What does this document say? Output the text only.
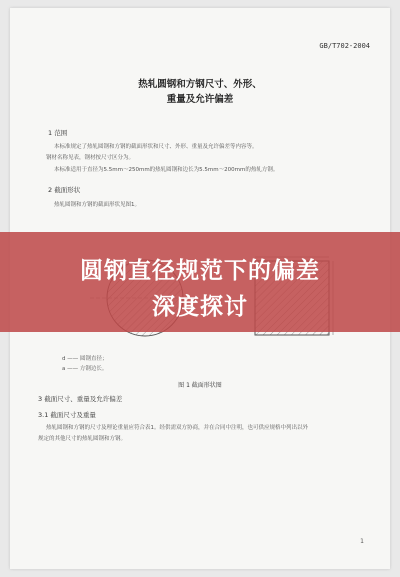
GB/T702-2004
热轧圆钢和方钢尺寸、外形、
重量及允许偏差
1 范围
本标准规定了热轧圆钢和方钢的截面形状和尺寸、外形、重量及允许偏差等内容等。
钢材名称见表，钢材按尺寸区分为。
本标准适用于直径为5.5mm～250mm的热轧圆钢和边长为5.5mm～200mm的热轧方钢。
2 截面形状
热轧圆钢和方钢的截面形状见图1。
d —— 圆钢直径；
a —— 方钢边长。
图 1 截面形状图
3 截面尺寸、重量及允许偏差
3.1 截面尺寸及重量
热轧圆钢和方钢的尺寸及理论重量应符合表1。经供需双方协商，并在合同中注明，也可供应规格中列出以外
规定的其他尺寸的热轧圆钢和方钢。
1
圆钢直径规范下的偏差
深度探讨
